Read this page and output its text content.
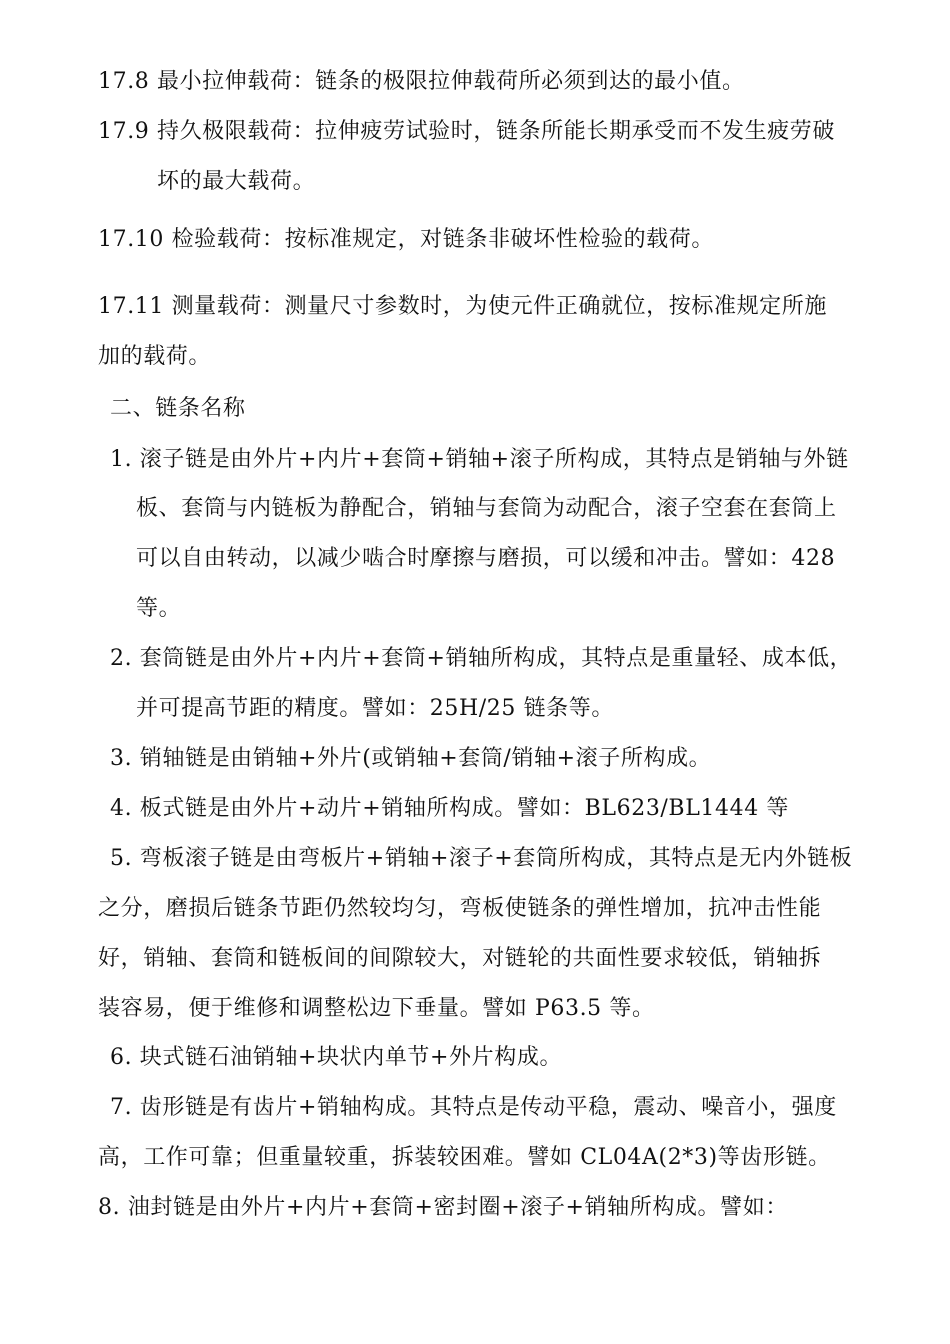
17.8 最小拉伸载荷：链条的极限拉伸载荷所必须到达的最小值。
17.9 持久极限载荷：拉伸疲劳试验时，链条所能长期承受而不发生疲劳破
坏的最大载荷。
17.10 检验载荷：按标准规定，对链条非破坏性检验的载荷。
17.11 测量载荷：测量尺寸参数时，为使元件正确就位，按标准规定所施
加的载荷。
二、链条名称
1. 滚子链是由外片+内片+套筒+销轴+滚子所构成，其特点是销轴与外链
板、套筒与内链板为静配合，销轴与套筒为动配合，滚子空套在套筒上
可以自由转动，以减少啮合时摩擦与磨损，可以缓和冲击。譬如：428
等。
2. 套筒链是由外片+内片+套筒+销轴所构成，其特点是重量轻、成本低，
并可提高节距的精度。譬如：25H/25 链条等。
3. 销轴链是由销轴+外片(或销轴+套筒/销轴+滚子所构成。
4. 板式链是由外片+动片+销轴所构成。譬如：BL623/BL1444 等
5. 弯板滚子链是由弯板片+销轴+滚子+套筒所构成，其特点是无内外链板
之分，磨损后链条节距仍然较均匀，弯板使链条的弹性增加，抗冲击性能
好，销轴、套筒和链板间的间隙较大，对链轮的共面性要求较低，销轴拆
装容易，便于维修和调整松边下垂量。譬如 P63.5 等。
6. 块式链石油销轴+块状内单节+外片构成。
7. 齿形链是有齿片+销轴构成。其特点是传动平稳，震动、噪音小，强度
高，工作可靠；但重量较重，拆装较困难。譬如 CL04A(2*3)等齿形链。
8. 油封链是由外片+内片+套筒+密封圈+滚子+销轴所构成。譬如：
